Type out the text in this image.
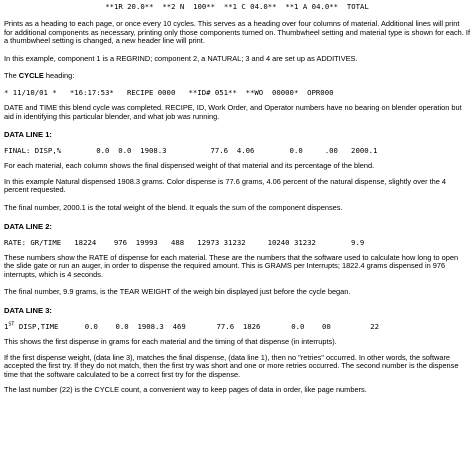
**1R 20.0**  **2 N  100**  **1 C 04.0**  **1 A 04.0**  TOTAL
Prints as a heading to each page, or once every 10 cycles. This serves as a heading over four columns of material. Additional lines will print for additional components as necessary, printing only those components turned on. Thumbwheel setting and material type is shown for each. If a thumbwheel setting is changed, a new header line will print.
In this example, component 1 is a REGRIND; component 2, a NATURAL; 3 and 4 are set up as ADDITIVES.
The CYCLE heading:
* 11/10/01 *   *16:17:53*   RECIPE 0000   **ID# 051**  **WO  00000*  OPR000
DATE and TIME this blend cycle was completed. RECIPE, ID, Work Order, and Operator numbers have no bearing on blender operation but aid in identifying this particular blender, and what job was running.
DATA LINE 1:
FINAL: DISP,%        0.0  0.0  1908.3          77.6  4.06        0.0     .00   2000.1
For each material, each column shows the final dispensed weight of that material and its percentage of the blend.
In this example Natural dispensed 1908.3 grams. Color dispense is 77.6 grams, 4.06 percent of the natural dispense, slightly over the 4 percent requested.
The final number, 2000.1 is the total weight of the blend. It equals the sum of the component dispenses.
DATA LINE 2:
RATE: GR/TIME   18224    976  19993   488   12973 31232     10240 31232        9.9
These numbers show the RATE of dispense for each material. These are the numbers that the software used to calculate how long to open the slide gate or run an auger, in order to dispense the required amount. This is GRAMS per Interrupts; 1822.4 grams dispensed in 976 interrupts, which is 4 seconds.
The final number, 9.9 grams, is the TEAR WEIGHT of the weigh bin displayed just before the cycle began.
DATA LINE 3:
1ST DISP,TIME      0.0    0.0  1908.3  469       77.6  1826       0.0    00         22
This shows the first dispense in grams for each material and the timing of that dispense (in interrupts).
If the first dispense weight, (data line 3), matches the final dispense, (data line 1), then no "retries" occurred. In other words, the software accepted the first try. If they do not match, then the first try was short and one or more retries occurred. The second number is the dispense time that the software calculated to be a correct first try for the dispense.
The last number (22) is the CYCLE count, a convenient way to keep pages of data in order, like page numbers.
